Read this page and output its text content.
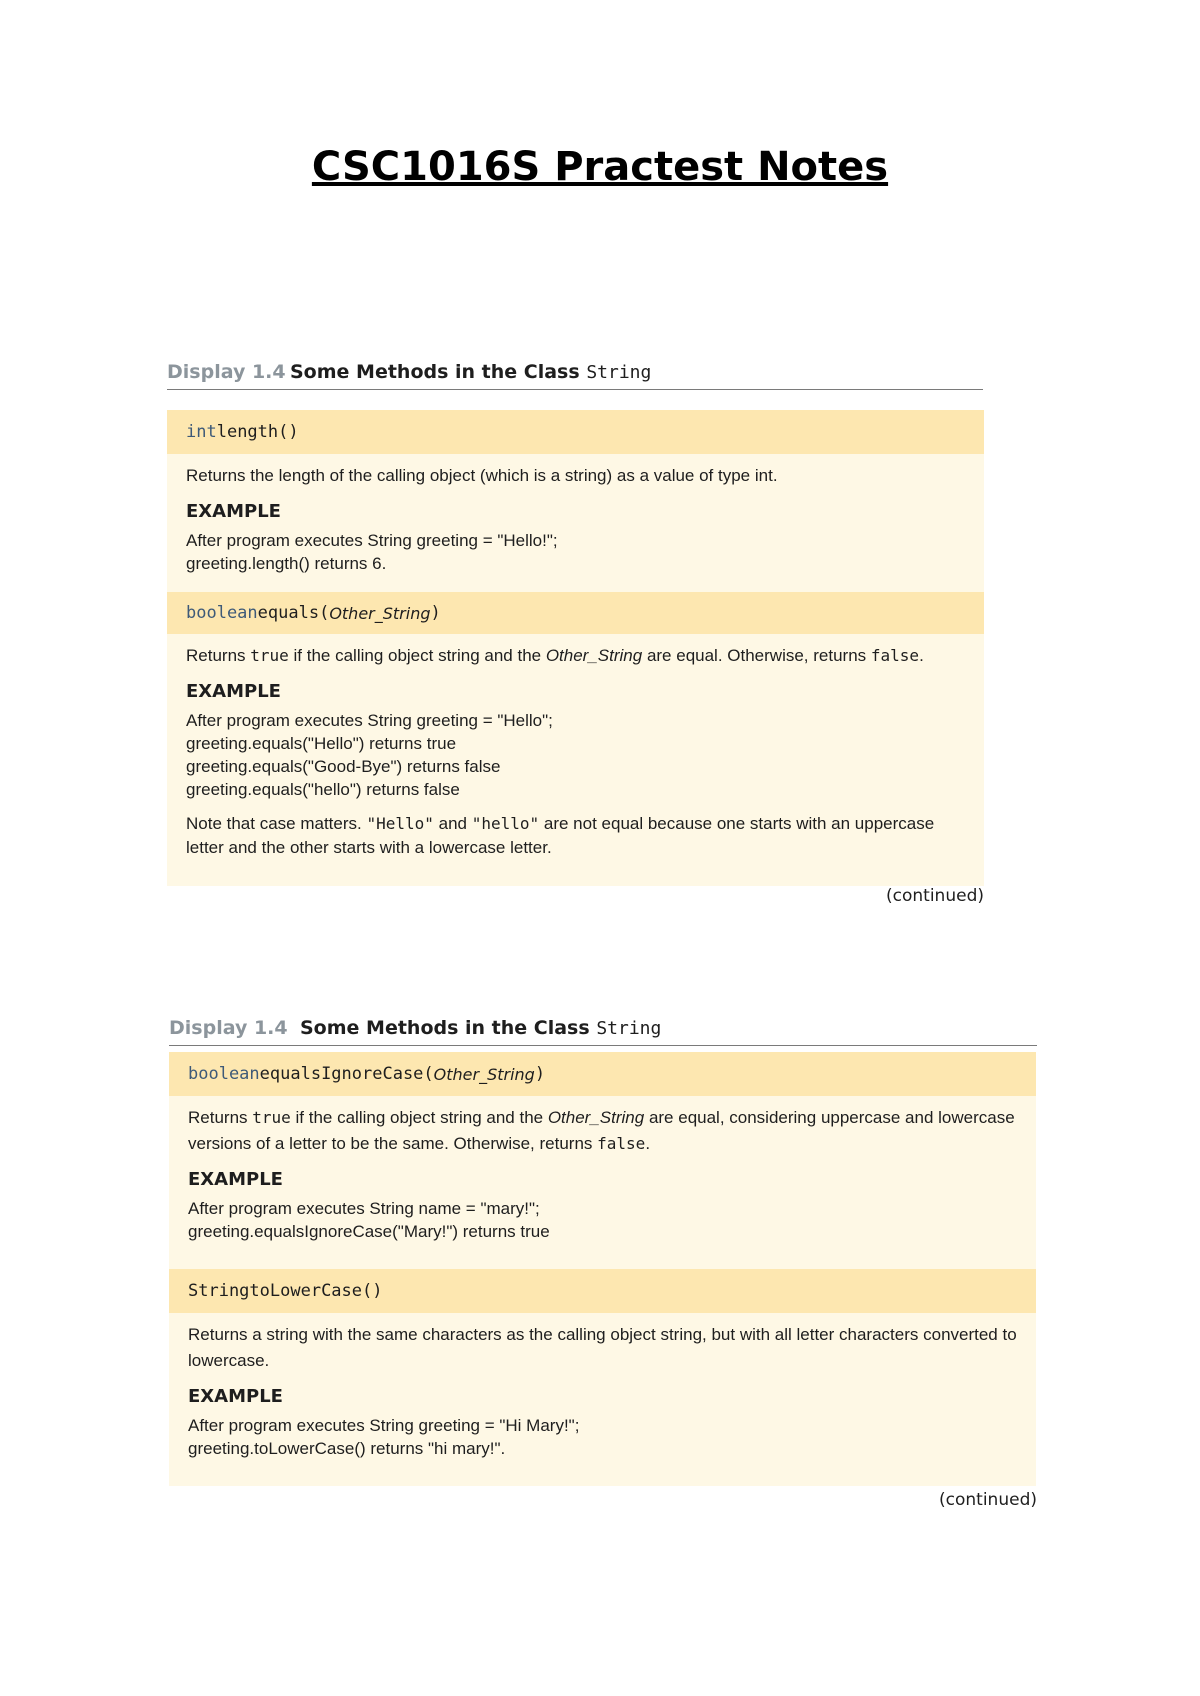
CSC1016S Practest Notes
Display 1.4 Some Methods in the Class String
int length()

Returns the length of the calling object (which is a string) as a value of type int.

EXAMPLE

After program executes String greeting = "Hello!";

greeting.length() returns 6.

boolean equals( Other_String )

Returns true if the calling object string and the Other_String are equal. Otherwise, returns false.

EXAMPLE

After program executes String greeting = "Hello";

greeting.equals("Hello") returns true

greeting.equals("Good-Bye") returns false

greeting.equals("hello") returns false

Note that case matters. "Hello" and "hello" are not equal because one starts with an uppercase letter and the other starts with a lowercase letter.

(continued)
Display 1.4 Some Methods in the Class String
boolean equalsIgnoreCase( Other_String )

Returns true if the calling object string and the Other_String are equal, considering uppercase and lowercase versions of a letter to be the same. Otherwise, returns false.

EXAMPLE

After program executes String name = "mary!";

greeting.equalsIgnoreCase("Mary!") returns true

String toLowerCase()

Returns a string with the same characters as the calling object string, but with all letter characters converted to lowercase.

EXAMPLE

After program executes String greeting = "Hi Mary!";

greeting.toLowerCase() returns "hi mary!".

(continued)
